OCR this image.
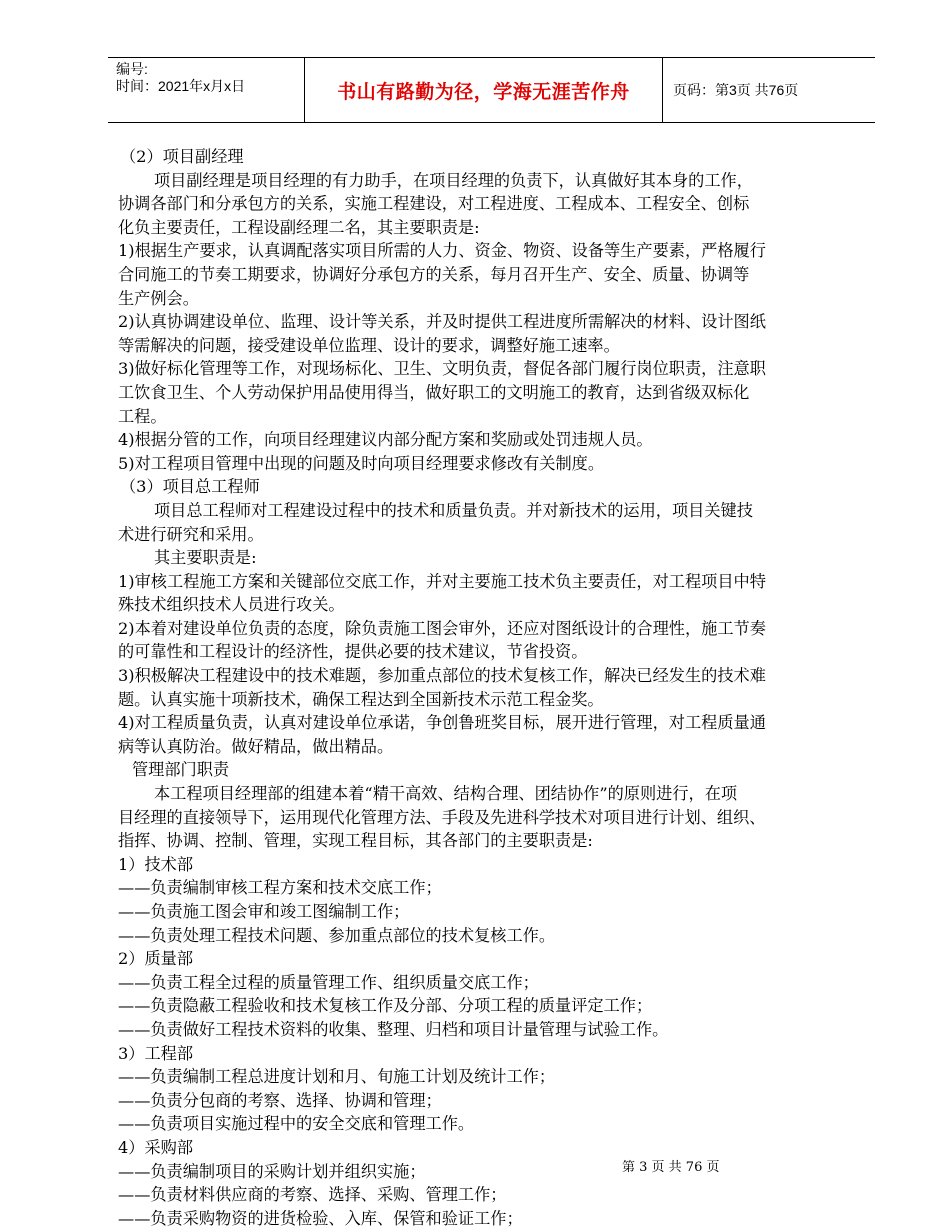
编号:
时间：2021年x月x日	书山有路勤为径，学海无涯苦作舟	页码：第3页 共76页
（2）项目副经理
项目副经理是项目经理的有力助手，在项目经理的负责下，认真做好其本身的工作，
协调各部门和分承包方的关系，实施工程建设，对工程进度、工程成本、工程安全、创标
化负主要责任，工程设副经理二名，其主要职责是:
1)根据生产要求，认真调配落实项目所需的人力、资金、物资、设备等生产要素，严格履行
合同施工的节奏工期要求，协调好分承包方的关系，每月召开生产、安全、质量、协调等
生产例会。
2)认真协调建设单位、监理、设计等关系，并及时提供工程进度所需解决的材料、设计图纸
等需解决的问题，接受建设单位监理、设计的要求，调整好施工速率。
3)做好标化管理等工作，对现场标化、卫生、文明负责，督促各部门履行岗位职责，注意职
工饮食卫生、个人劳动保护用品使用得当，做好职工的文明施工的教育，达到省级双标化
工程。
4)根据分管的工作，向项目经理建议内部分配方案和奖励或处罚违规人员。
5)对工程项目管理中出现的问题及时向项目经理要求修改有关制度。
（3）项目总工程师
项目总工程师对工程建设过程中的技术和质量负责。并对新技术的运用，项目关键技
术进行研究和采用。
其主要职责是:
1)审核工程施工方案和关键部位交底工作，并对主要施工技术负主要责任，对工程项目中特
殊技术组织技术人员进行攻关。
2)本着对建设单位负责的态度，除负责施工图会审外，还应对图纸设计的合理性，施工节奏
的可靠性和工程设计的经济性，提供必要的技术建议，节省投资。
3)积极解决工程建设中的技术难题，参加重点部位的技术复核工作，解决已经发生的技术难
题。认真实施十项新技术，确保工程达到全国新技术示范工程金奖。
4)对工程质量负责，认真对建设单位承诺，争创鲁班奖目标，展开进行管理，对工程质量通
病等认真防治。做好精品，做出精品。
管理部门职责
本工程项目经理部的组建本着“精干高效、结构合理、团结协作”的原则进行，在项
目经理的直接领导下，运用现代化管理方法、手段及先进科学技术对项目进行计划、组织、
指挥、协调、控制、管理，实现工程目标，其各部门的主要职责是:
1）技术部
——负责编制审核工程方案和技术交底工作；
——负责施工图会审和竣工图编制工作；
——负责处理工程技术问题、参加重点部位的技术复核工作。
2）质量部
——负责工程全过程的质量管理工作、组织质量交底工作；
——负责隐蔽工程验收和技术复核工作及分部、分项工程的质量评定工作；
——负责做好工程技术资料的收集、整理、归档和项目计量管理与试验工作。
3）工程部
——负责编制工程总进度计划和月、旬施工计划及统计工作；
——负责分包商的考察、选择、协调和管理；
——负责项目实施过程中的安全交底和管理工作。
4）采购部
——负责编制项目的采购计划并组织实施；
——负责材料供应商的考察、选择、采购、管理工作；
——负责采购物资的进货检验、入库、保管和验证工作；
第 3 页 共 76 页
